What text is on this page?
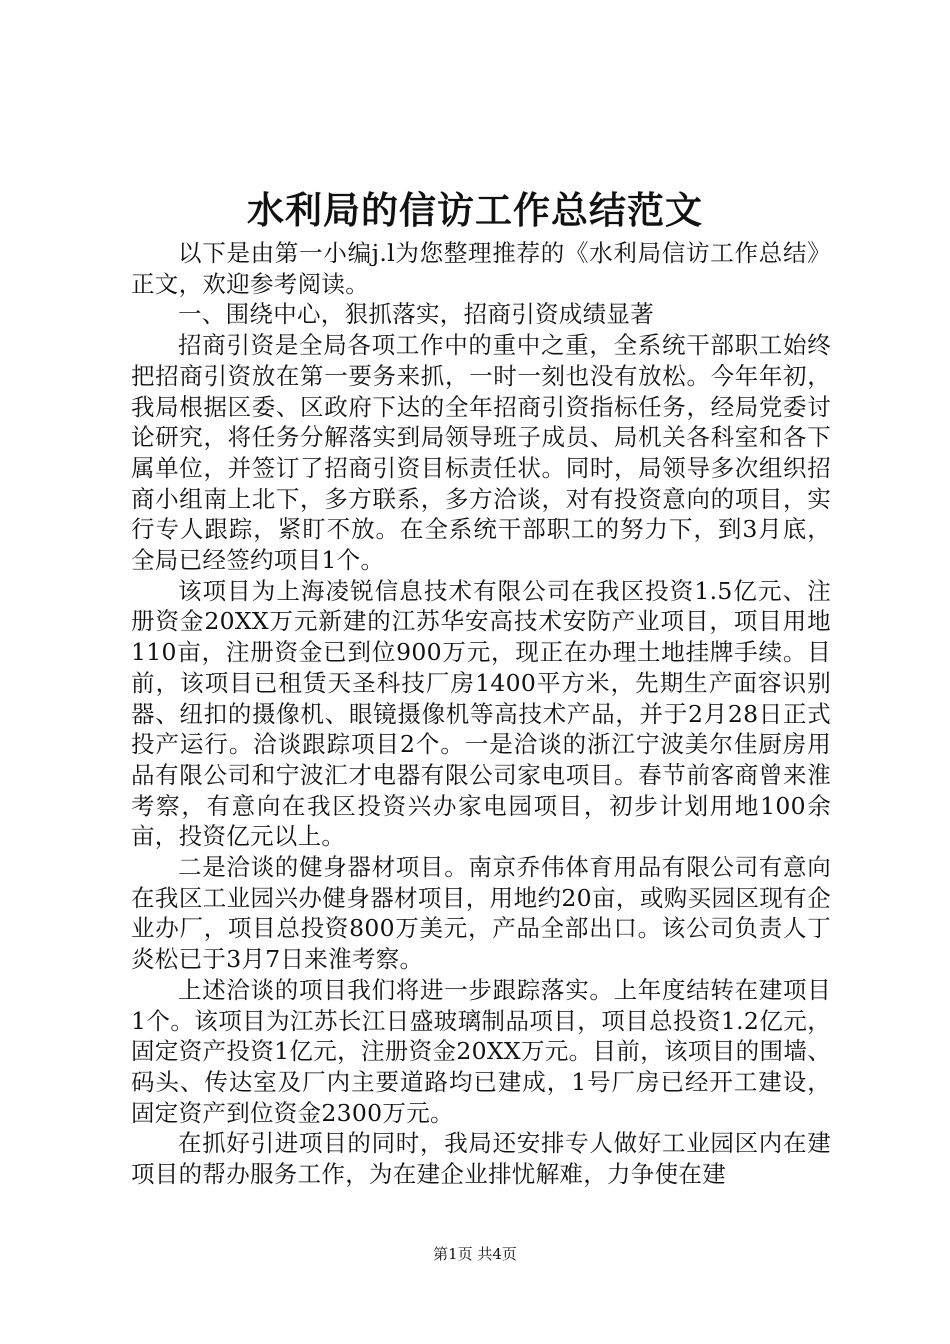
水利局的信访工作总结范文

以下是由第一小编j.l为您整理推荐的《水利局信访工作总结》正文，欢迎参考阅读。

一、围绕中心，狠抓落实，招商引资成绩显著

招商引资是全局各项工作中的重中之重，全系统干部职工始终把招商引资放在第一要务来抓，一时一刻也没有放松。今年年初，我局根据区委、区政府下达的全年招商引资指标任务，经局党委讨论研究，将任务分解落实到局领导班子成员、局机关各科室和各下属单位，并签订了招商引资目标责任状。同时，局领导多次组织招商小组南上北下，多方联系，多方洽谈，对有投资意向的项目，实行专人跟踪，紧盯不放。在全系统干部职工的努力下，到3月底，全局已经签约项目1个。

该项目为上海凌锐信息技术有限公司在我区投资1.5亿元、注册资金20XX万元新建的江苏华安高技术安防产业项目，项目用地110亩，注册资金已到位900万元，现正在办理土地挂牌手续。目前，该项目已租赁天圣科技厂房1400平方米，先期生产面容识别器、纽扣的摄像机、眼镜摄像机等高技术产品，并于2月28日正式投产运行。洽谈跟踪项目2个。一是洽谈的浙江宁波美尔佳厨房用品有限公司和宁波汇才电器有限公司家电项目。春节前客商曾来淮考察，有意向在我区投资兴办家电园项目，初步计划用地100余亩，投资亿元以上。

二是洽谈的健身器材项目。南京乔伟体育用品有限公司有意向在我区工业园兴办健身器材项目，用地约20亩，或购买园区现有企业办厂，项目总投资800万美元，产品全部出口。该公司负责人丁炎松已于3月7日来淮考察。

上述洽谈的项目我们将进一步跟踪落实。上年度结转在建项目1个。该项目为江苏长江日盛玻璃制品项目，项目总投资1.2亿元，固定资产投资1亿元，注册资金20XX万元。目前，该项目的围墙、码头、传达室及厂内主要道路均已建成，1号厂房已经开工建设，固定资产到位资金2300万元。

在抓好引进项目的同时，我局还安排专人做好工业园区内在建项目的帮办服务工作，为在建企业排忧解难，力争使在建

第1页 共4页
